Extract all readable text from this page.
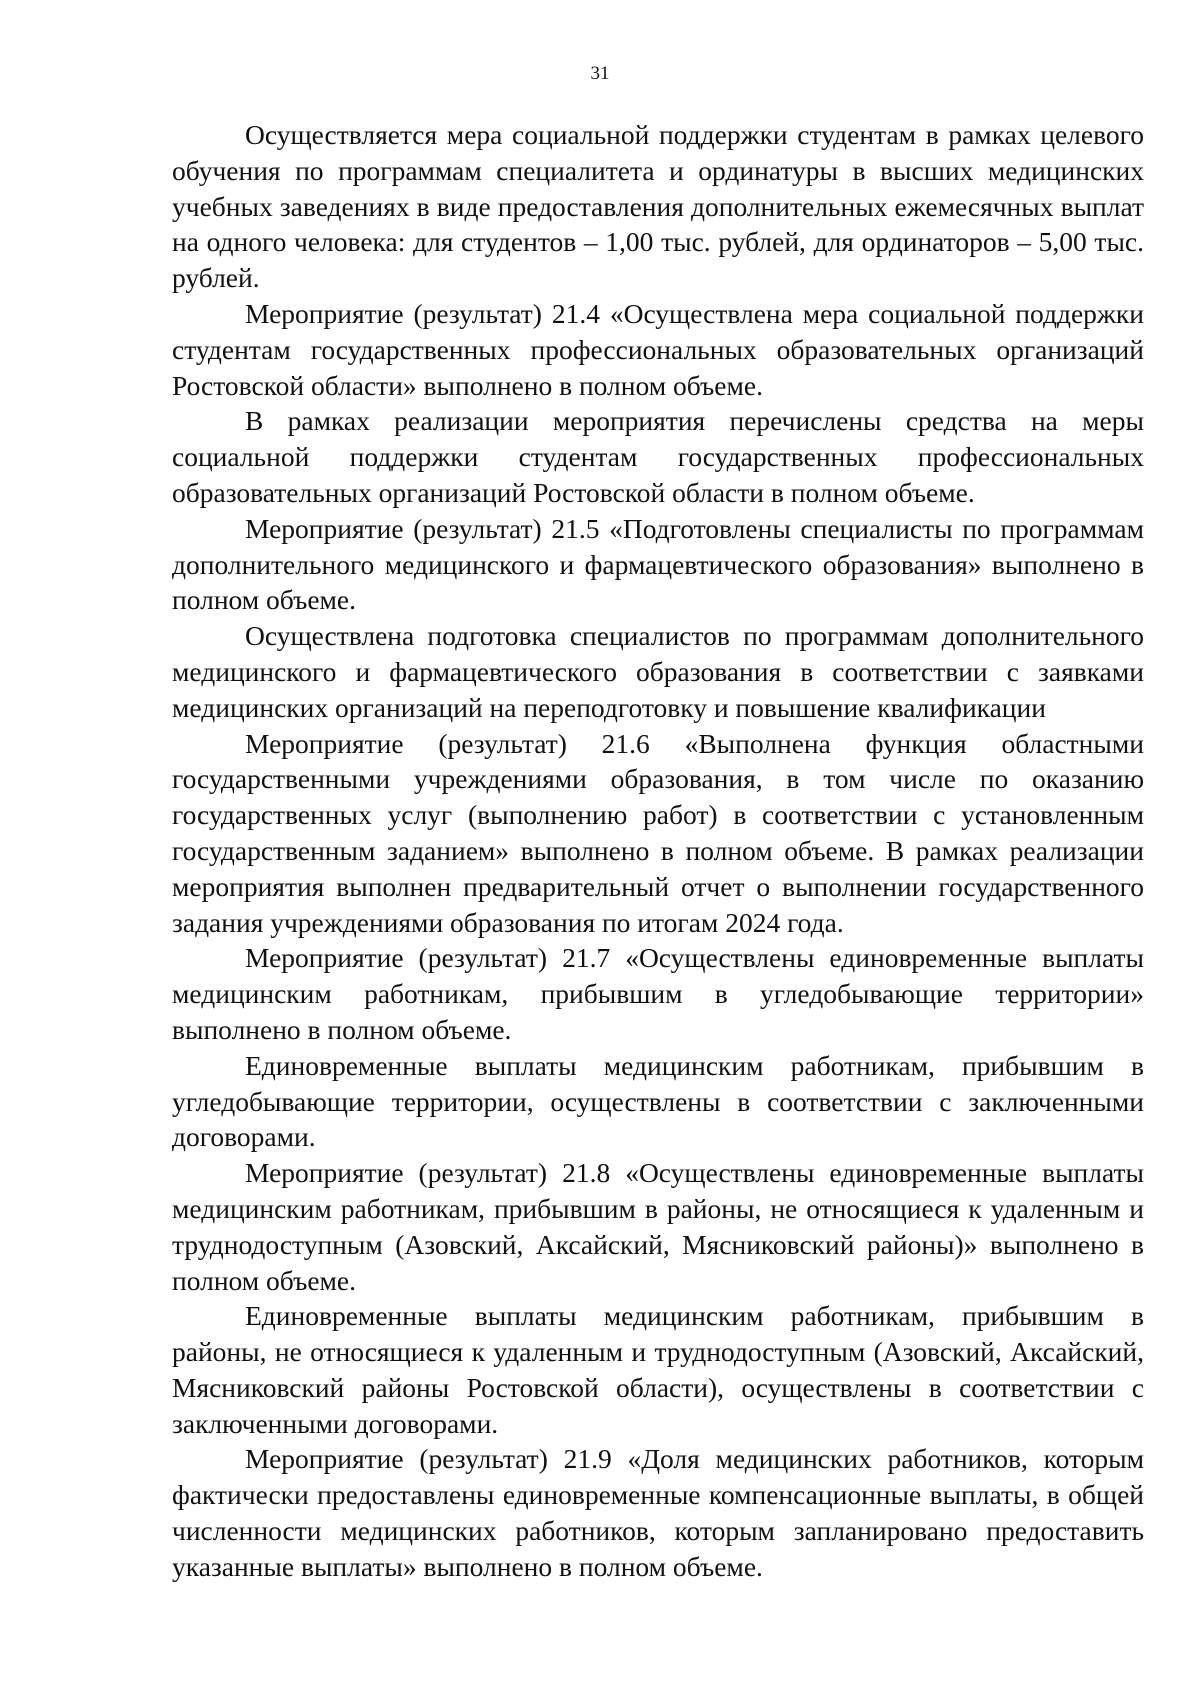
31

Осуществляется мера социальной поддержки студентам в рамках целевого обучения по программам специалитета и ординатуры в высших медицинских учебных заведениях в виде предоставления дополнительных ежемесячных выплат на одного человека: для студентов – 1,00 тыс. рублей, для ординаторов – 5,00 тыс. рублей.

Мероприятие (результат) 21.4 «Осуществлена мера социальной поддержки студентам государственных профессиональных образовательных организаций Ростовской области» выполнено в полном объеме.

В рамках реализации мероприятия перечислены средства на меры социальной поддержки студентам государственных профессиональных образовательных организаций Ростовской области в полном объеме.

Мероприятие (результат) 21.5 «Подготовлены специалисты по программам дополнительного медицинского и фармацевтического образования» выполнено в полном объеме.

Осуществлена подготовка специалистов по программам дополнительного медицинского и фармацевтического образования в соответствии с заявками медицинских организаций на переподготовку и повышение квалификации

Мероприятие (результат) 21.6 «Выполнена функция областными государственными учреждениями образования, в том числе по оказанию государственных услуг (выполнению работ) в соответствии с установленным государственным заданием» выполнено в полном объеме. В рамках реализации мероприятия выполнен предварительный отчет о выполнении государственного задания учреждениями образования по итогам 2024 года.

Мероприятие (результат) 21.7 «Осуществлены единовременные выплаты медицинским работникам, прибывшим в угледобывающие территории» выполнено в полном объеме.

Единовременные выплаты медицинским работникам, прибывшим в угледобывающие территории, осуществлены в соответствии с заключенными договорами.

Мероприятие (результат) 21.8 «Осуществлены единовременные выплаты медицинским работникам, прибывшим в районы, не относящиеся к удаленным и труднодоступным (Азовский, Аксайский, Мясниковский районы)» выполнено в полном объеме.

Единовременные выплаты медицинским работникам, прибывшим в районы, не относящиеся к удаленным и труднодоступным (Азовский, Аксайский, Мясниковский районы Ростовской области), осуществлены в соответствии с заключенными договорами.

Мероприятие (результат) 21.9 «Доля медицинских работников, которым фактически предоставлены единовременные компенсационные выплаты, в общей численности медицинских работников, которым запланировано предоставить указанные выплаты» выполнено в полном объеме.
